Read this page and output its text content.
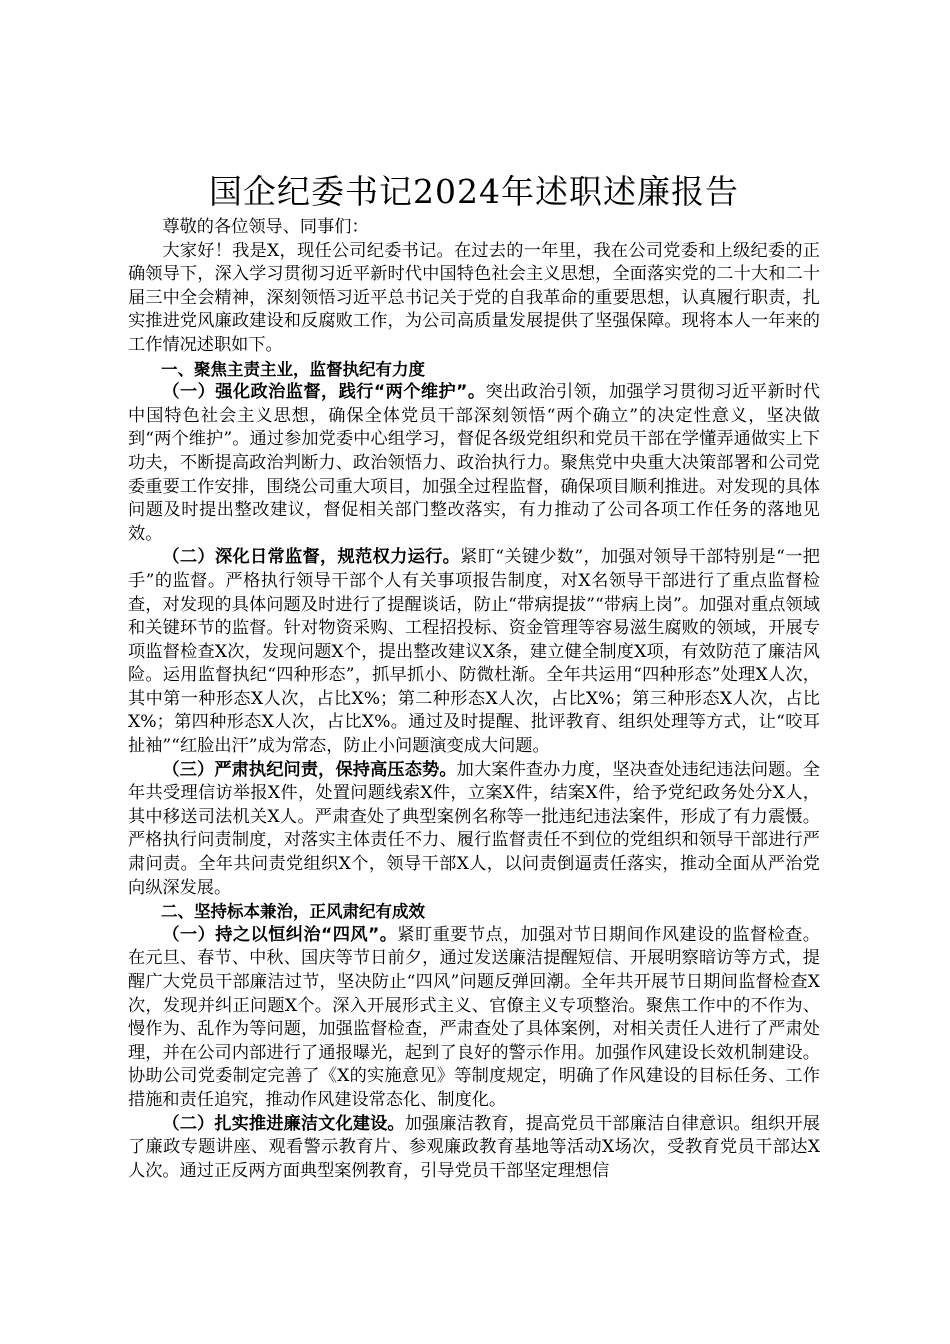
国企纪委书记2024年述职述廉报告

尊敬的各位领导、同事们：

大家好！我是X，现任公司纪委书记。在过去的一年里，我在公司党委和上级纪委的正确领导下，深入学习贯彻习近平新时代中国特色社会主义思想，全面落实党的二十大和二十届三中全会精神，深刻领悟习近平总书记关于党的自我革命的重要思想，认真履行职责，扎实推进党风廉政建设和反腐败工作，为公司高质量发展提供了坚强保障。现将本人一年来的工作情况述职如下。

一、聚焦主责主业，监督执纪有力度

（一）强化政治监督，践行“两个维护”。突出政治引领，加强学习贯彻习近平新时代中国特色社会主义思想，确保全体党员干部深刻领悟“两个确立”的决定性意义，坚决做到“两个维护”。通过参加党委中心组学习，督促各级党组织和党员干部在学懂弄通做实上下功夫，不断提高政治判断力、政治领悟力、政治执行力。聚焦党中央重大决策部署和公司党委重要工作安排，围绕公司重大项目，加强全过程监督，确保项目顺利推进。对发现的具体问题及时提出整改建议，督促相关部门整改落实，有力推动了公司各项工作任务的落地见效。

（二）深化日常监督，规范权力运行。紧盯“关键少数”，加强对领导干部特别是“一把手”的监督。严格执行领导干部个人有关事项报告制度，对X名领导干部进行了重点监督检查，对发现的具体问题及时进行了提醒谈话，防止“带病提拔”“带病上岗”。加强对重点领域和关键环节的监督。针对物资采购、工程招投标、资金管理等容易滋生腐败的领域，开展专项监督检查X次，发现问题X个，提出整改建议X条，建立健全制度X项，有效防范了廉洁风险。运用监督执纪“四种形态”，抓早抓小、防微杜渐。全年共运用“四种形态”处理X人次，其中第一种形态X人次，占比X%；第二种形态X人次，占比X%；第三种形态X人次，占比X%；第四种形态X人次，占比X%。通过及时提醒、批评教育、组织处理等方式，让“咬耳扯袖”“红脸出汗”成为常态，防止小问题演变成大问题。

（三）严肃执纪问责，保持高压态势。加大案件查办力度，坚决查处违纪违法问题。全年共受理信访举报X件，处置问题线索X件，立案X件，结案X件，给予党纪政务处分X人，其中移送司法机关X人。严肃查处了典型案例名称等一批违纪违法案件，形成了有力震慑。严格执行问责制度，对落实主体责任不力、履行监督责任不到位的党组织和领导干部进行严肃问责。全年共问责党组织X个，领导干部X人，以问责倒逼责任落实，推动全面从严治党向纵深发展。

二、坚持标本兼治，正风肃纪有成效

（一）持之以恒纠治“四风”。紧盯重要节点，加强对节日期间作风建设的监督检查。在元旦、春节、中秋、国庆等节日前夕，通过发送廉洁提醒短信、开展明察暗访等方式，提醒广大党员干部廉洁过节，坚决防止“四风”问题反弹回潮。全年共开展节日期间监督检查X次，发现并纠正问题X个。深入开展形式主义、官僚主义专项整治。聚焦工作中的不作为、慢作为、乱作为等问题，加强监督检查，严肃查处了具体案例，对相关责任人进行了严肃处理，并在公司内部进行了通报曝光，起到了良好的警示作用。加强作风建设长效机制建设。协助公司党委制定完善了《X的实施意见》等制度规定，明确了作风建设的目标任务、工作措施和责任追究，推动作风建设常态化、制度化。

（二）扎实推进廉洁文化建设。加强廉洁教育，提高党员干部廉洁自律意识。组织开展了廉政专题讲座、观看警示教育片、参观廉政教育基地等活动X场次，受教育党员干部达X人次。通过正反两方面典型案例教育，引导党员干部坚定理想信
